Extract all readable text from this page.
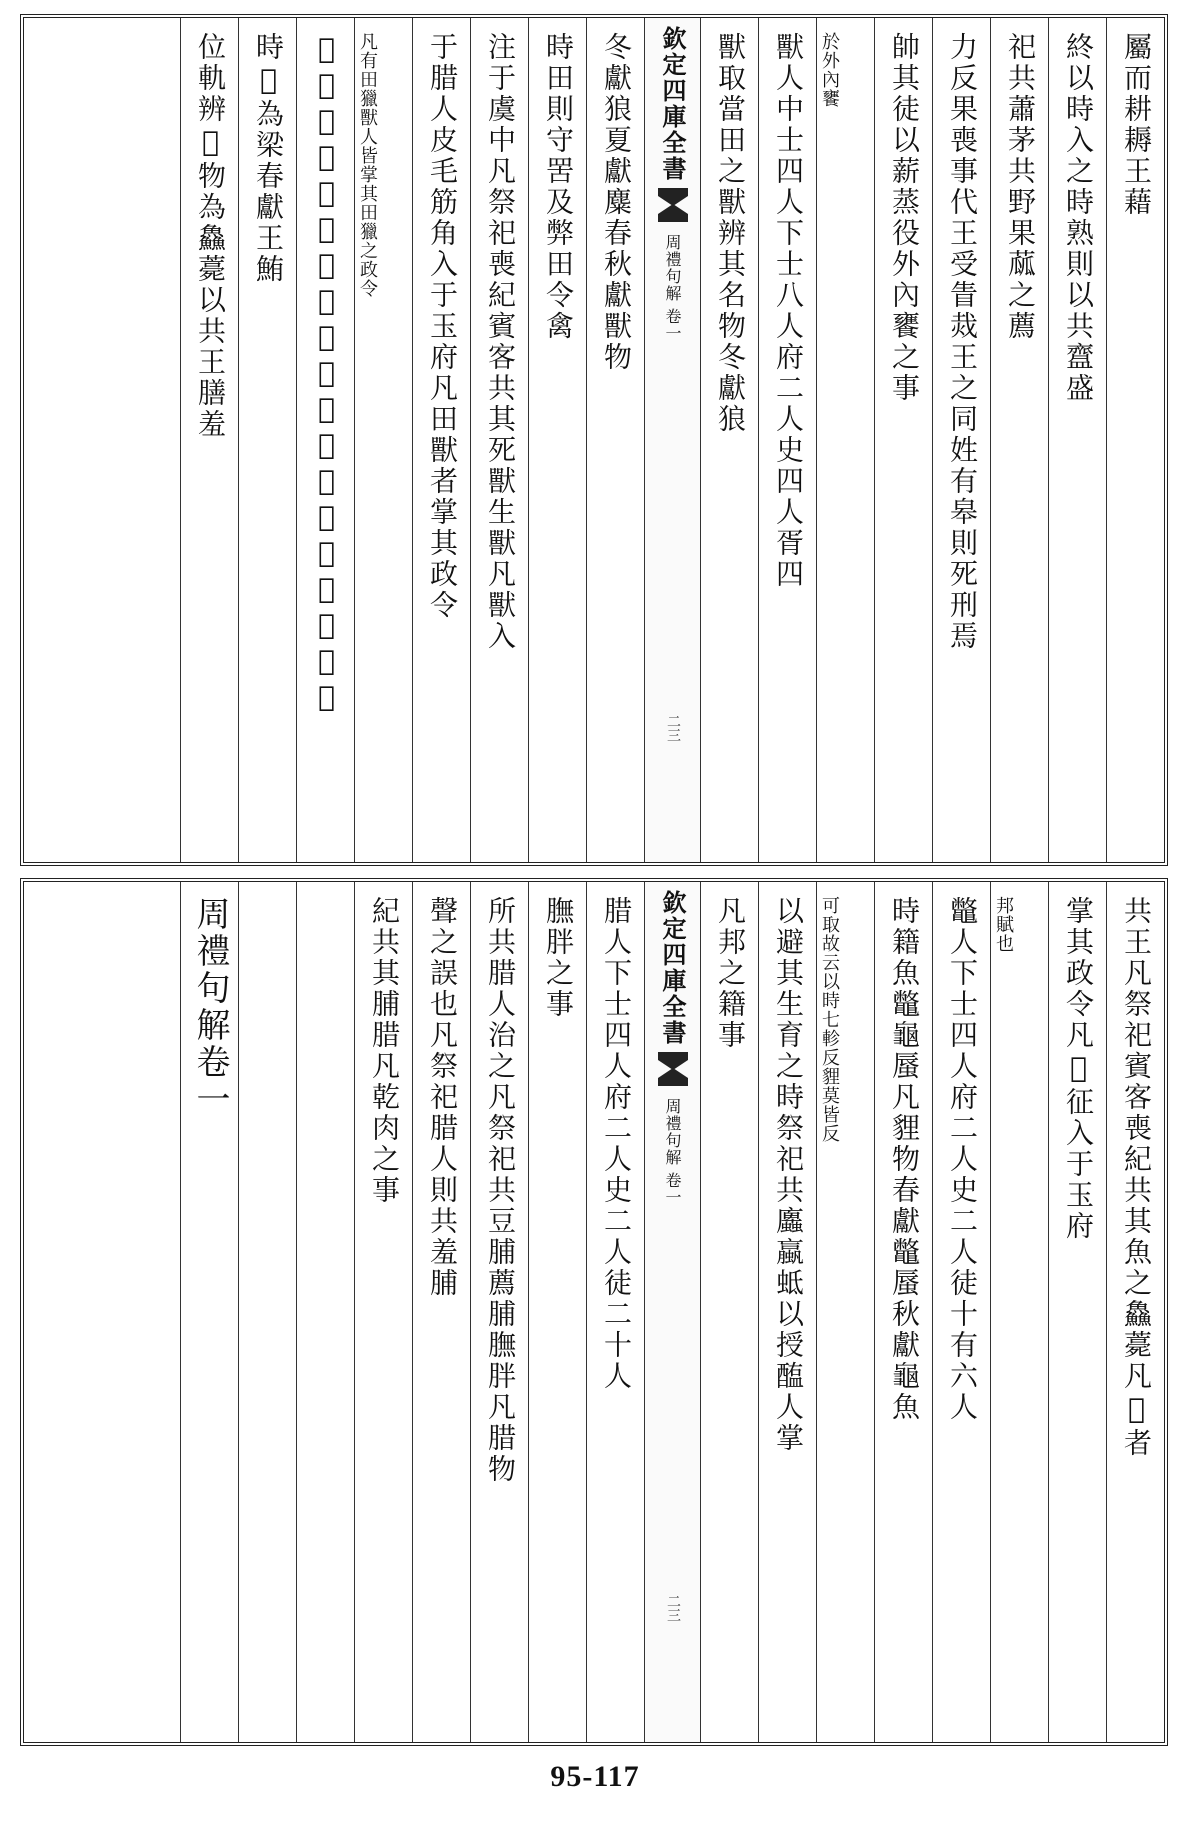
屬而耕耨王藉
終以時入之時熟則以共齍盛
祀共蕭茅共野果蓏之薦
力反果喪事代王受眚烖王之同姓有皋則死刑焉
帥其徒以薪蒸役外內饔之事
於外內饔
獸人中士四人下士八人府二人史四人胥四
獸取當田之獸辨其名物冬獻狼
欽定四庫全書
周禮句解
卷一
二三
冬獻狼夏獻麋春秋獻獸物
時田則守罟及弊田令禽
注于虞中凡祭祀喪紀賓客共其死獸生獸凡獸入
于腊人皮毛筋角入于玉府凡田獸者掌其政令
凡有田獵獸人皆掌其田獵之政令
𩾆人中士二人下士四人府二人史四人胥三十
時𩾆為梁春獻王鮪
位軌辨𩾆物為鱻薧以共王膳羞
共王凡祭祀賓客喪紀共其魚之鱻薧凡𩾆者
掌其政令凡𩾆征入于玉府
邦賦也
鼈人下士四人府二人史二人徒十有六人
時籍魚鼈龜蜃凡貍物春獻鼈蜃秋獻龜魚
可取故云以時七軫反貍莫皆反
以避其生育之時祭祀共蠯蠃蚳以授醢人掌
凡邦之籍事
欽定四庫全書
周禮句解
卷一
二三
腊人下士四人府二人史二人徒二十人
膴胖之事
所共腊人治之凡祭祀共豆脯薦脯膴胖凡腊物
聲之誤也凡祭祀腊人則共羞脯
紀共其脯腊凡乾肉之事
周禮句解卷一
95-117
